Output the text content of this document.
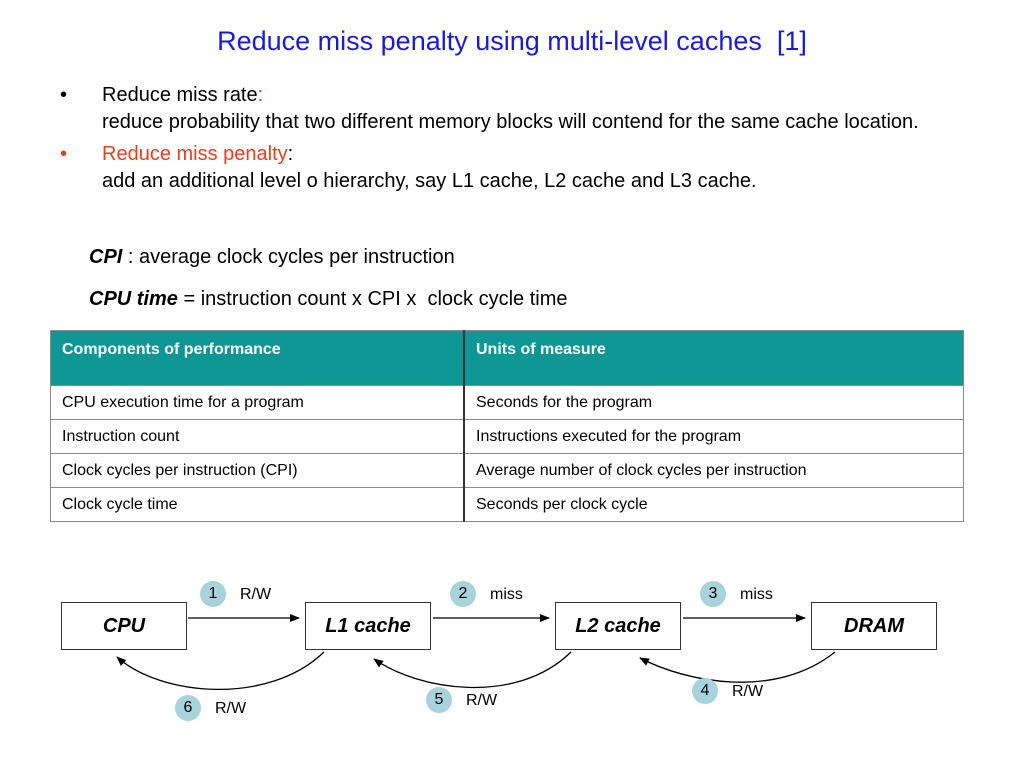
Reduce miss penalty using multi-level caches  [1]
• Reduce miss rate:
reduce probability that two different memory blocks will contend for the same cache location.
• Reduce miss penalty:
add an additional level o hierarchy, say L1 cache, L2 cache and L3 cache.
CPI : average clock cycles per instruction
CPU time = instruction count x CPI x  clock cycle time
Components of performance	Units of measure
CPU execution time for a program	Seconds for the program
Instruction count	Instructions executed for the program
Clock cycles per instruction (CPI)	Average number of clock cycles per instruction
Clock cycle time	Seconds per clock cycle
CPU	L1 cache	L2 cache	DRAM
1	R/W	2	miss	3	miss
4	R/W
5	R/W
6	R/W
